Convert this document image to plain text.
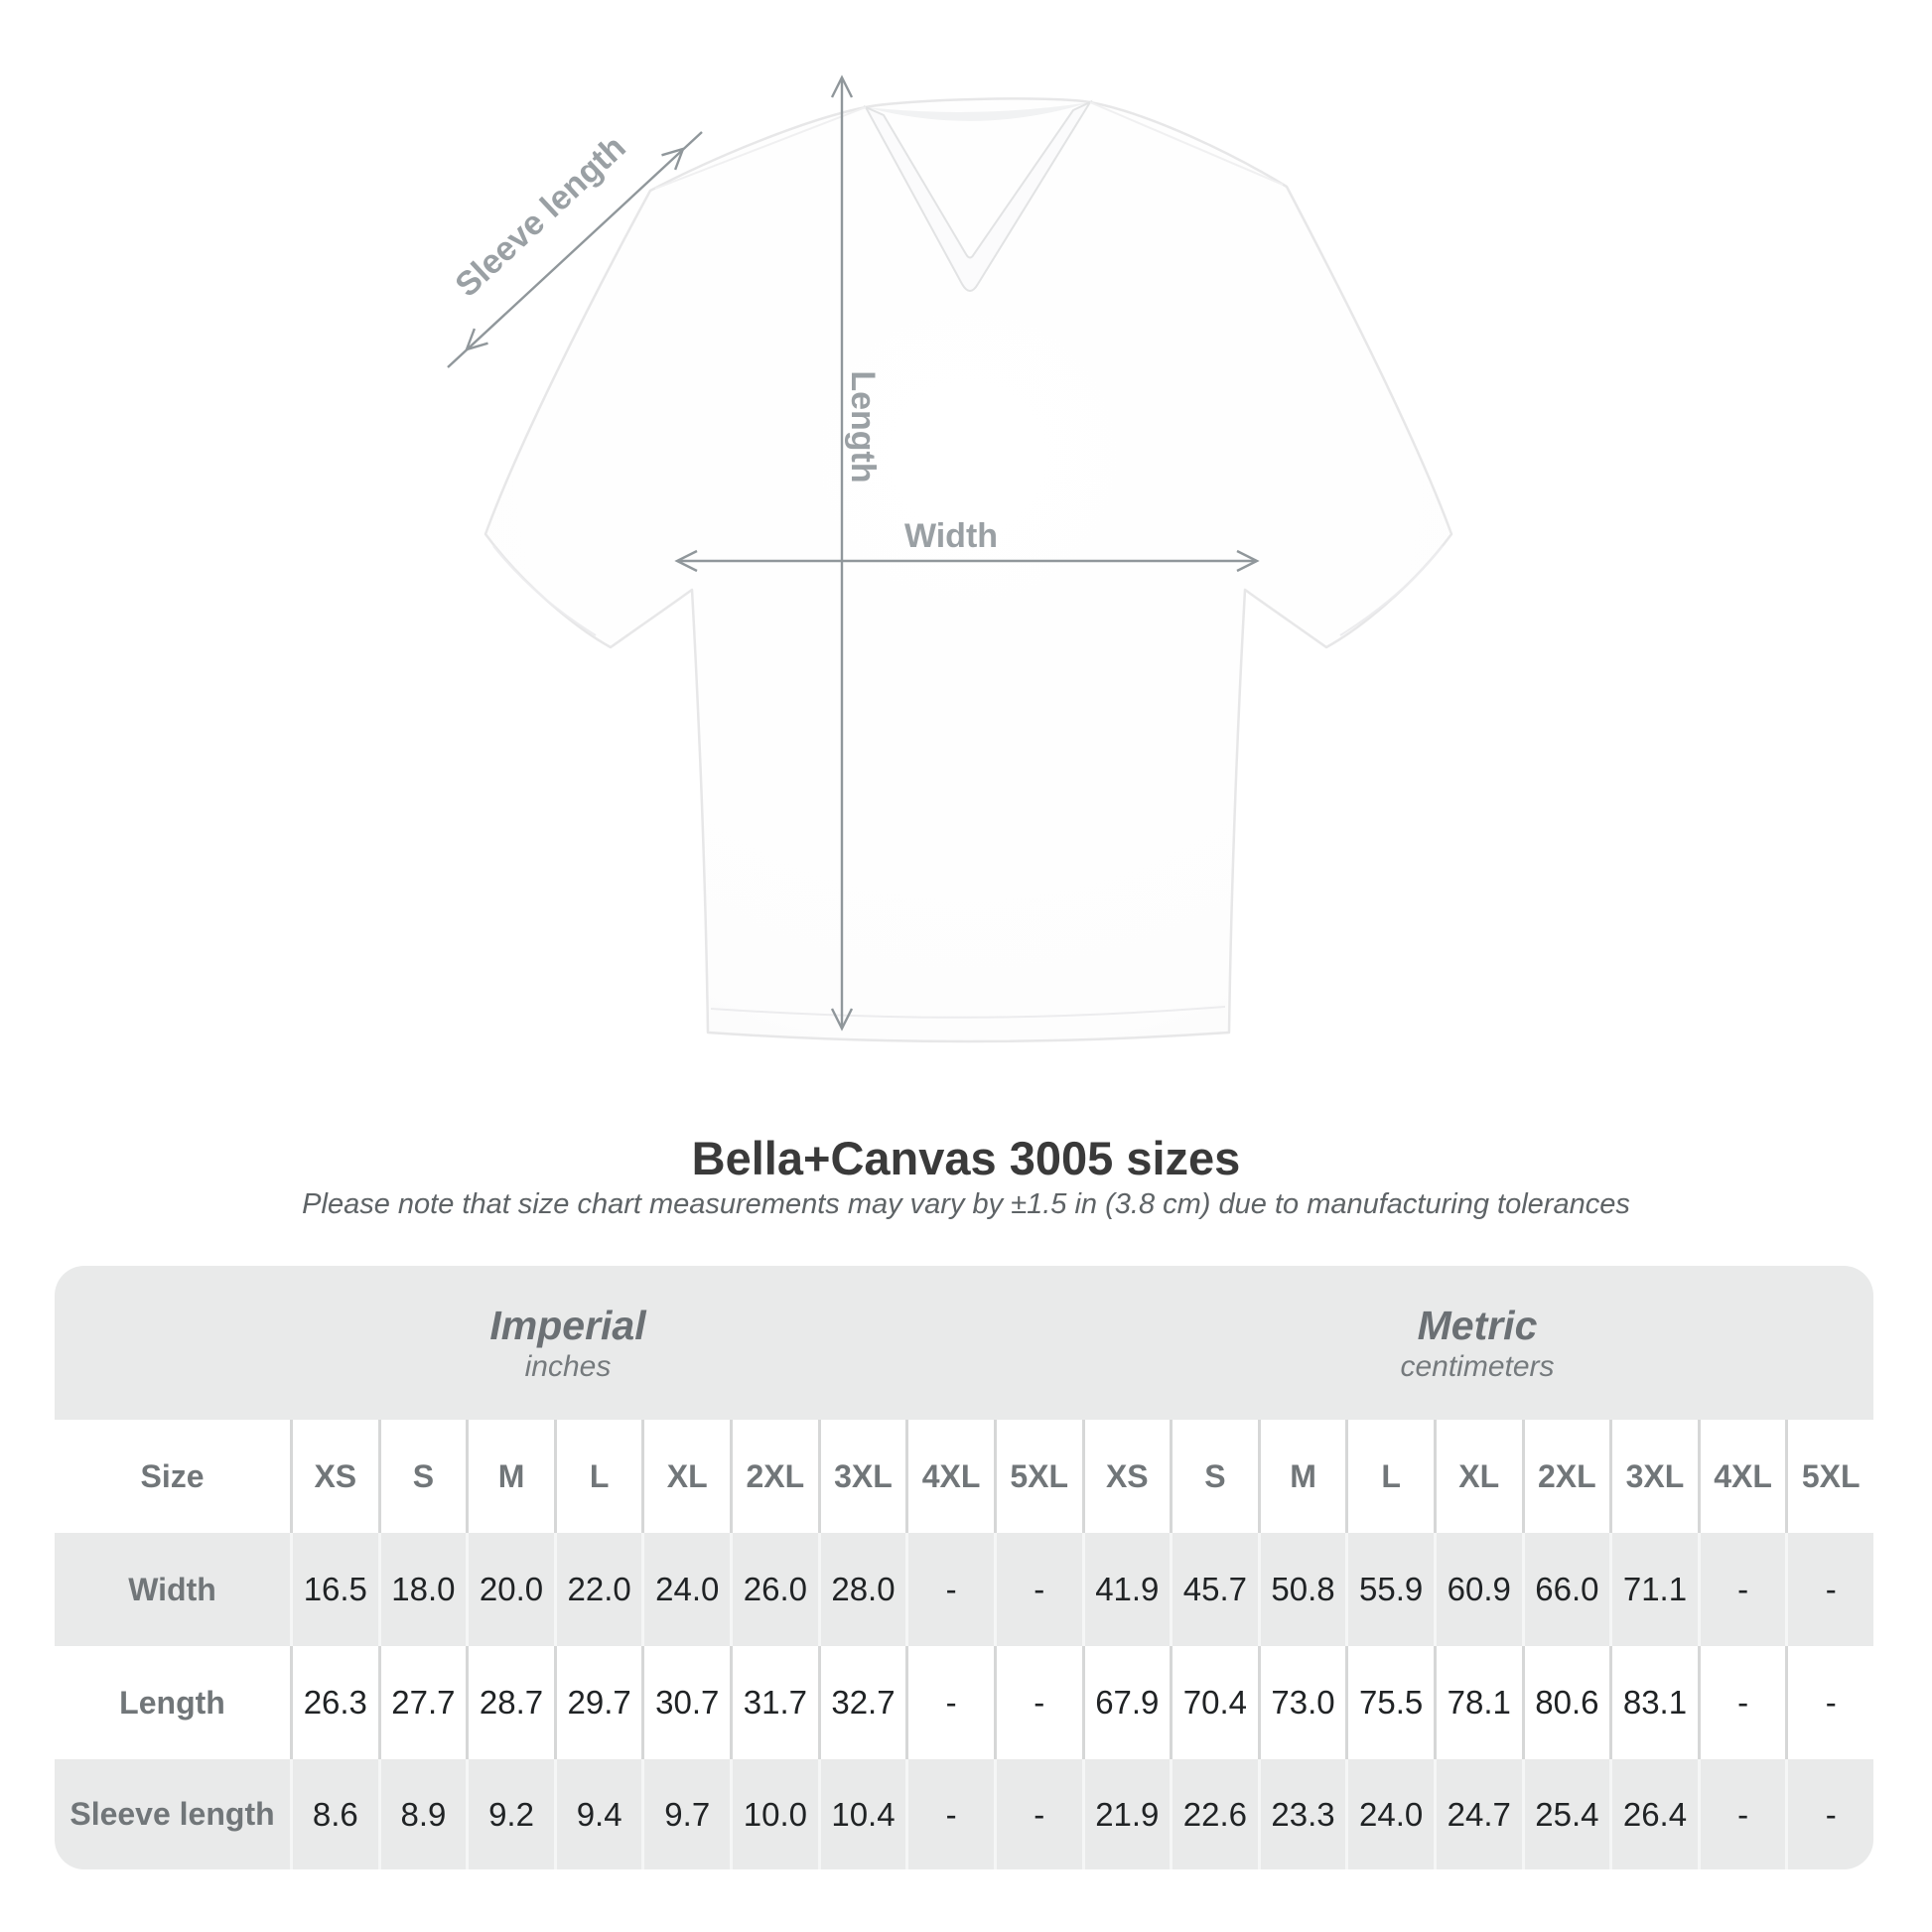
Sleeve length
Length
Width
Bella+Canvas 3005 sizes
Please note that size chart measurements may vary by ±1.5 in (3.8 cm) due to manufacturing tolerances
Imperial
inches
Metric
centimeters
Size	XS	S	M	L	XL	2XL 3XL 4XL 5XL	XS	S	M	L	XL	2XL 3XL 4XL 5XL
Width	16.5 18.0 20.0 22.0 24.0 26.0 28.0	-	-	41.9 45.7 50.8 55.9 60.9 66.0 71.1	-	-
Length	26.3 27.7 28.7 29.7 30.7 31.7 32.7	-	-	67.9 70.4 73.0 75.5 78.1 80.6 83.1	-	-
Sleeve length	8.6	8.9	9.2	9.4	9.7	10.0 10.4	-	-	21.9 22.6 23.3 24.0 24.7 25.4 26.4	-	-
